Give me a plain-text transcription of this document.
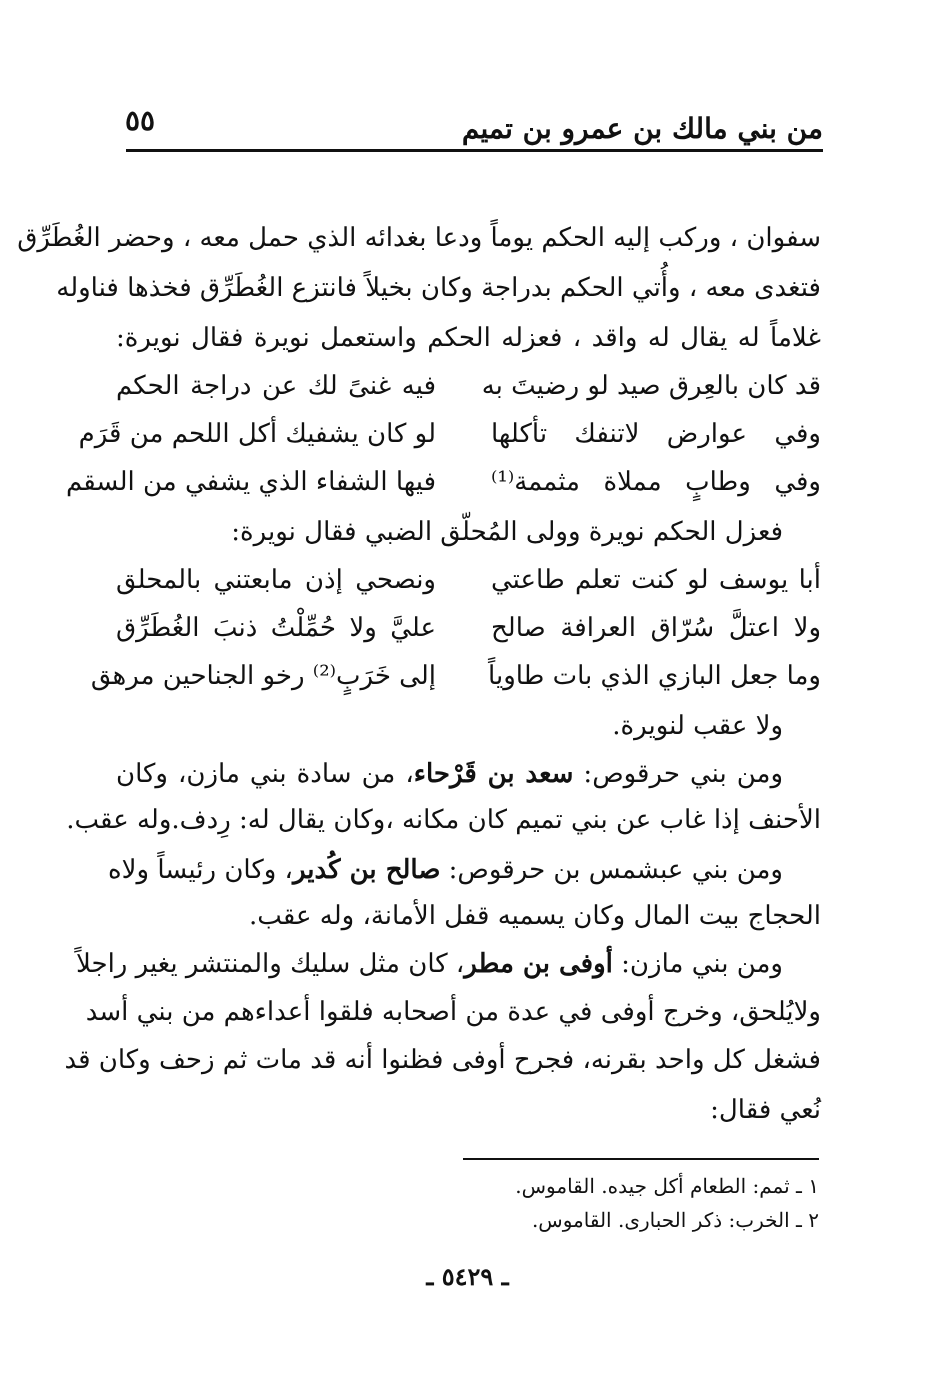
من بني مالك بن عمرو بن تميم
٥٥
سفوان ، وركب إليه الحكم يوماً ودعا بغدائه الذي حمل معه ، وحضر الغُطَرِّق
فتغدى معه ، وأُتي الحكم بدراجة وكان بخيلاً فانتزع الغُطَرِّق فخذها فناوله
غلاماً له يقال له واقد ، فعزله الحكم واستعمل نويرة فقال نويرة:
قد كان بالعِرق صيد لو رضيتَ به
فيه غنىً لك عن دراجة الحكم
وفي عوارض لاتنفك تأكلها
لو كان يشفيك أكل اللحم من قَرَم
وفي وطابٍ مملاة مثممة⁽¹⁾
فيها الشفاء الذي يشفي من السقم
فعزل الحكم نويرة وولى المُحلّق الضبي فقال نويرة:
أبا يوسف لو كنت تعلم طاعتي
ونصحي إذن مابعتني بالمحلق
ولا اعتلَّ سُرّاق العرافة صالح
عليَّ ولا حُمِّلْتُ ذنبَ الغُطَرِّق
وما جعل البازي الذي بات طاوياً
إلى خَرَبٍ⁽²⁾ رخو الجناحين مرهق
ولا عقب لنويرة.
ومن بني حرقوص: سعد بن قَرْحاء، من سادة بني مازن، وكان
الأحنف إذا غاب عن بني تميم كان مكانه ،وكان يقال له: رِدف.وله عقب.
ومن بني عبشمس بن حرقوص: صالح بن كُدير، وكان رئيساً ولاه
الحجاج بيت المال وكان يسميه قفل الأمانة، وله عقب.
ومن بني مازن: أوفى بن مطر، كان مثل سليك والمنتشر يغير راجلاً
ولايُلحق، وخرج أوفى في عدة من أصحابه فلقوا أعداءهم من بني أسد
فشغل كل واحد بقرنه، فجرح أوفى فظنوا أنه قد مات ثم زحف وكان قد
نُعي فقال:
١ ـ ثمم: الطعام أكل جيده. القاموس.
٢ ـ الخرب: ذكر الحبارى. القاموس.
ـ ٥٤٢٩ ـ
